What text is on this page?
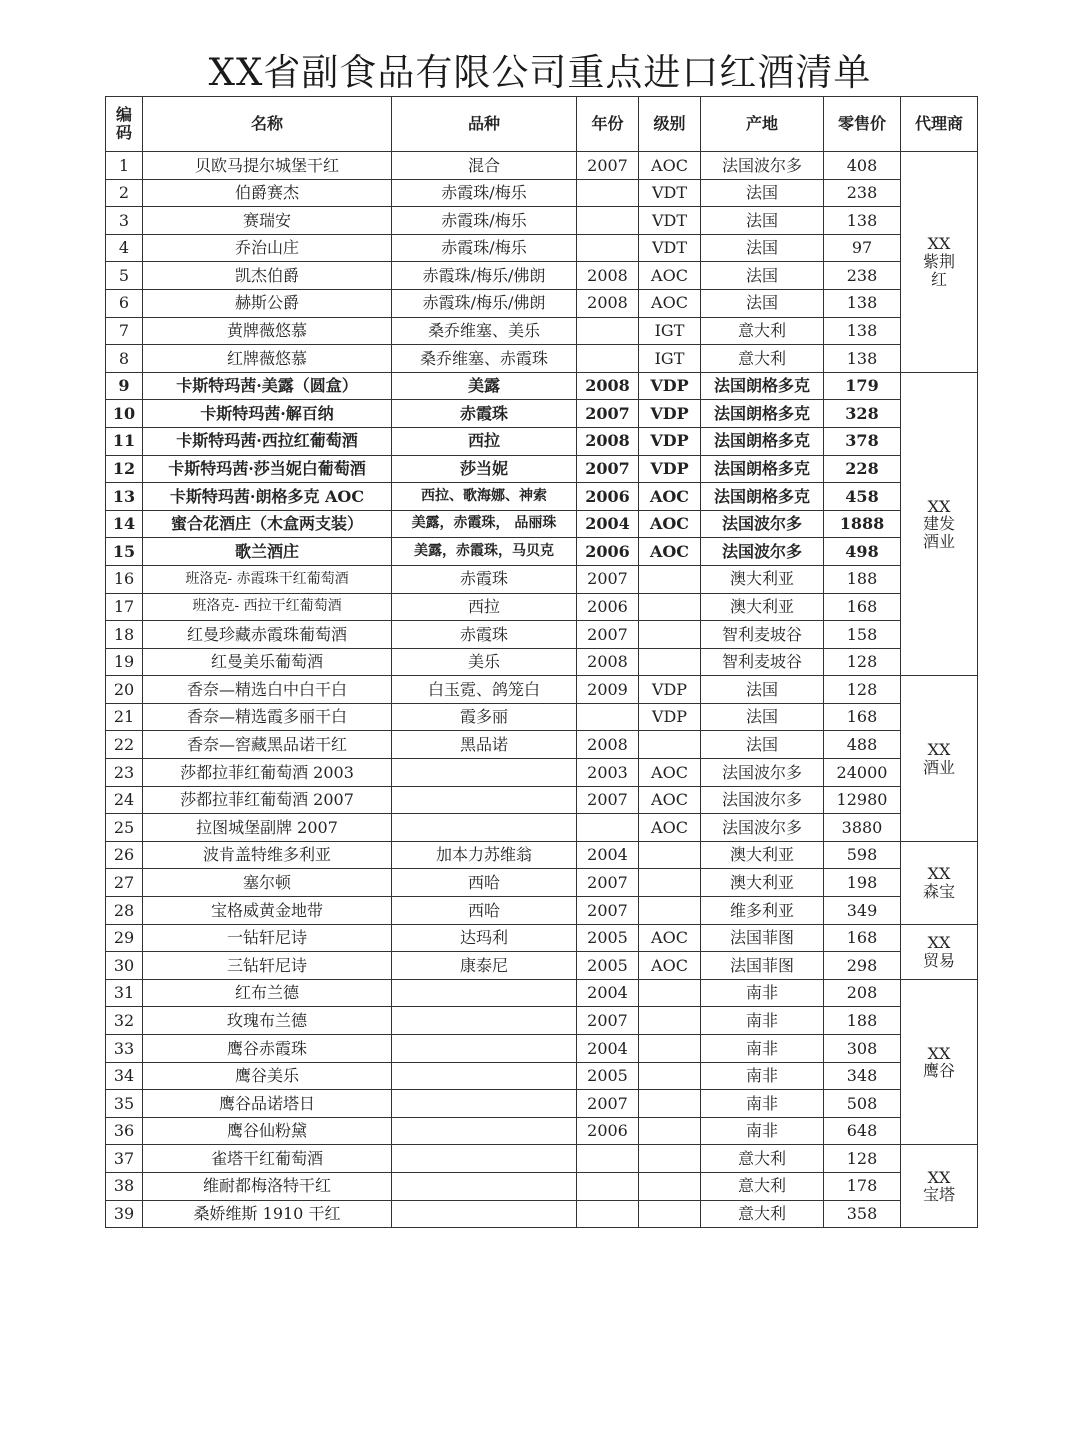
XX省副食品有限公司重点进口红酒清单
编
码	名称	品种	年份	级别	产地	零售价	代理商
1	贝欧马提尔城堡干红	混合	2007	AOC	法国波尔多	408	XX
紫荆
红

2	伯爵赛杰	赤霞珠/梅乐		VDT	法国	238	
3	赛瑞安	赤霞珠/梅乐		VDT	法国	138	
4	乔治山庄	赤霞珠/梅乐		VDT	法国	97	
5	凯杰伯爵	赤霞珠/梅乐/佛朗	2008	AOC	法国	238	
6	赫斯公爵	赤霞珠/梅乐/佛朗	2008	AOC	法国	138	
7	黄牌薇悠慕	桑乔维塞、美乐		IGT	意大利	138	
8	红牌薇悠慕	桑乔维塞、赤霞珠		IGT	意大利	138	
9	卡斯特玛茜·美露（圆盒）	美露	2008	VDP	法国朗格多克	179	XX
建发
酒业

10	卡斯特玛茜·解百纳	赤霞珠	2007	VDP	法国朗格多克	328	
11	卡斯特玛茜·西拉红葡萄酒	西拉	2008	VDP	法国朗格多克	378	
12	卡斯特玛茜·莎当妮白葡萄酒	莎当妮	2007	VDP	法国朗格多克	228	
13	卡斯特玛茜·朗格多克 AOC	西拉、歌海娜、神索	2006	AOC	法国朗格多克	458	
14	蜜合花酒庄（木盒两支装）	美露，赤霞珠， 品丽珠	2004	AOC	法国波尔多	1888	
15	歌兰酒庄	美露，赤霞珠，马贝克	2006	AOC	法国波尔多	498	
16	班洛克- 赤霞珠干红葡萄酒	赤霞珠	2007		澳大利亚	188	
17	班洛克- 西拉干红葡萄酒	西拉	2006		澳大利亚	168	
18	红曼珍藏赤霞珠葡萄酒	赤霞珠	2007		智利麦坡谷	158	
19	红曼美乐葡萄酒	美乐	2008		智利麦坡谷	128	
20	香奈—精选白中白干白	白玉霓、鸽笼白	2009	VDP	法国	128	XX
酒业

21	香奈—精选霞多丽干白	霞多丽		VDP	法国	168	
22	香奈—窖藏黑品诺干红	黑品诺	2008		法国	488	
23	莎都拉菲红葡萄酒 2003		2003	AOC	法国波尔多	24000	
24	莎都拉菲红葡萄酒 2007		2007	AOC	法国波尔多	12980	
25	拉图城堡副牌 2007			AOC	法国波尔多	3880	
26	波肯盖特维多利亚	加本力苏维翁	2004		澳大利亚	598	XX
森宝

27	塞尔顿	西哈	2007		澳大利亚	198	
28	宝格威黄金地带	西哈	2007		维多利亚	349	
29	一钻轩尼诗	达玛利	2005	AOC	法国菲图	168	XX
贸易

30	三钻轩尼诗	康泰尼	2005	AOC	法国菲图	298	
31	红布兰德		2004		南非	208	XX
鹰谷

32	玫瑰布兰德		2007		南非	188	
33	鹰谷赤霞珠		2004		南非	308	
34	鹰谷美乐		2005		南非	348	
35	鹰谷品诺塔日		2007		南非	508	
36	鹰谷仙粉黛		2006		南非	648	
37	雀塔干红葡萄酒				意大利	128	XX
宝塔

38	维耐都梅洛特干红				意大利	178	
39	桑娇维斯 1910 干红				意大利	358	
